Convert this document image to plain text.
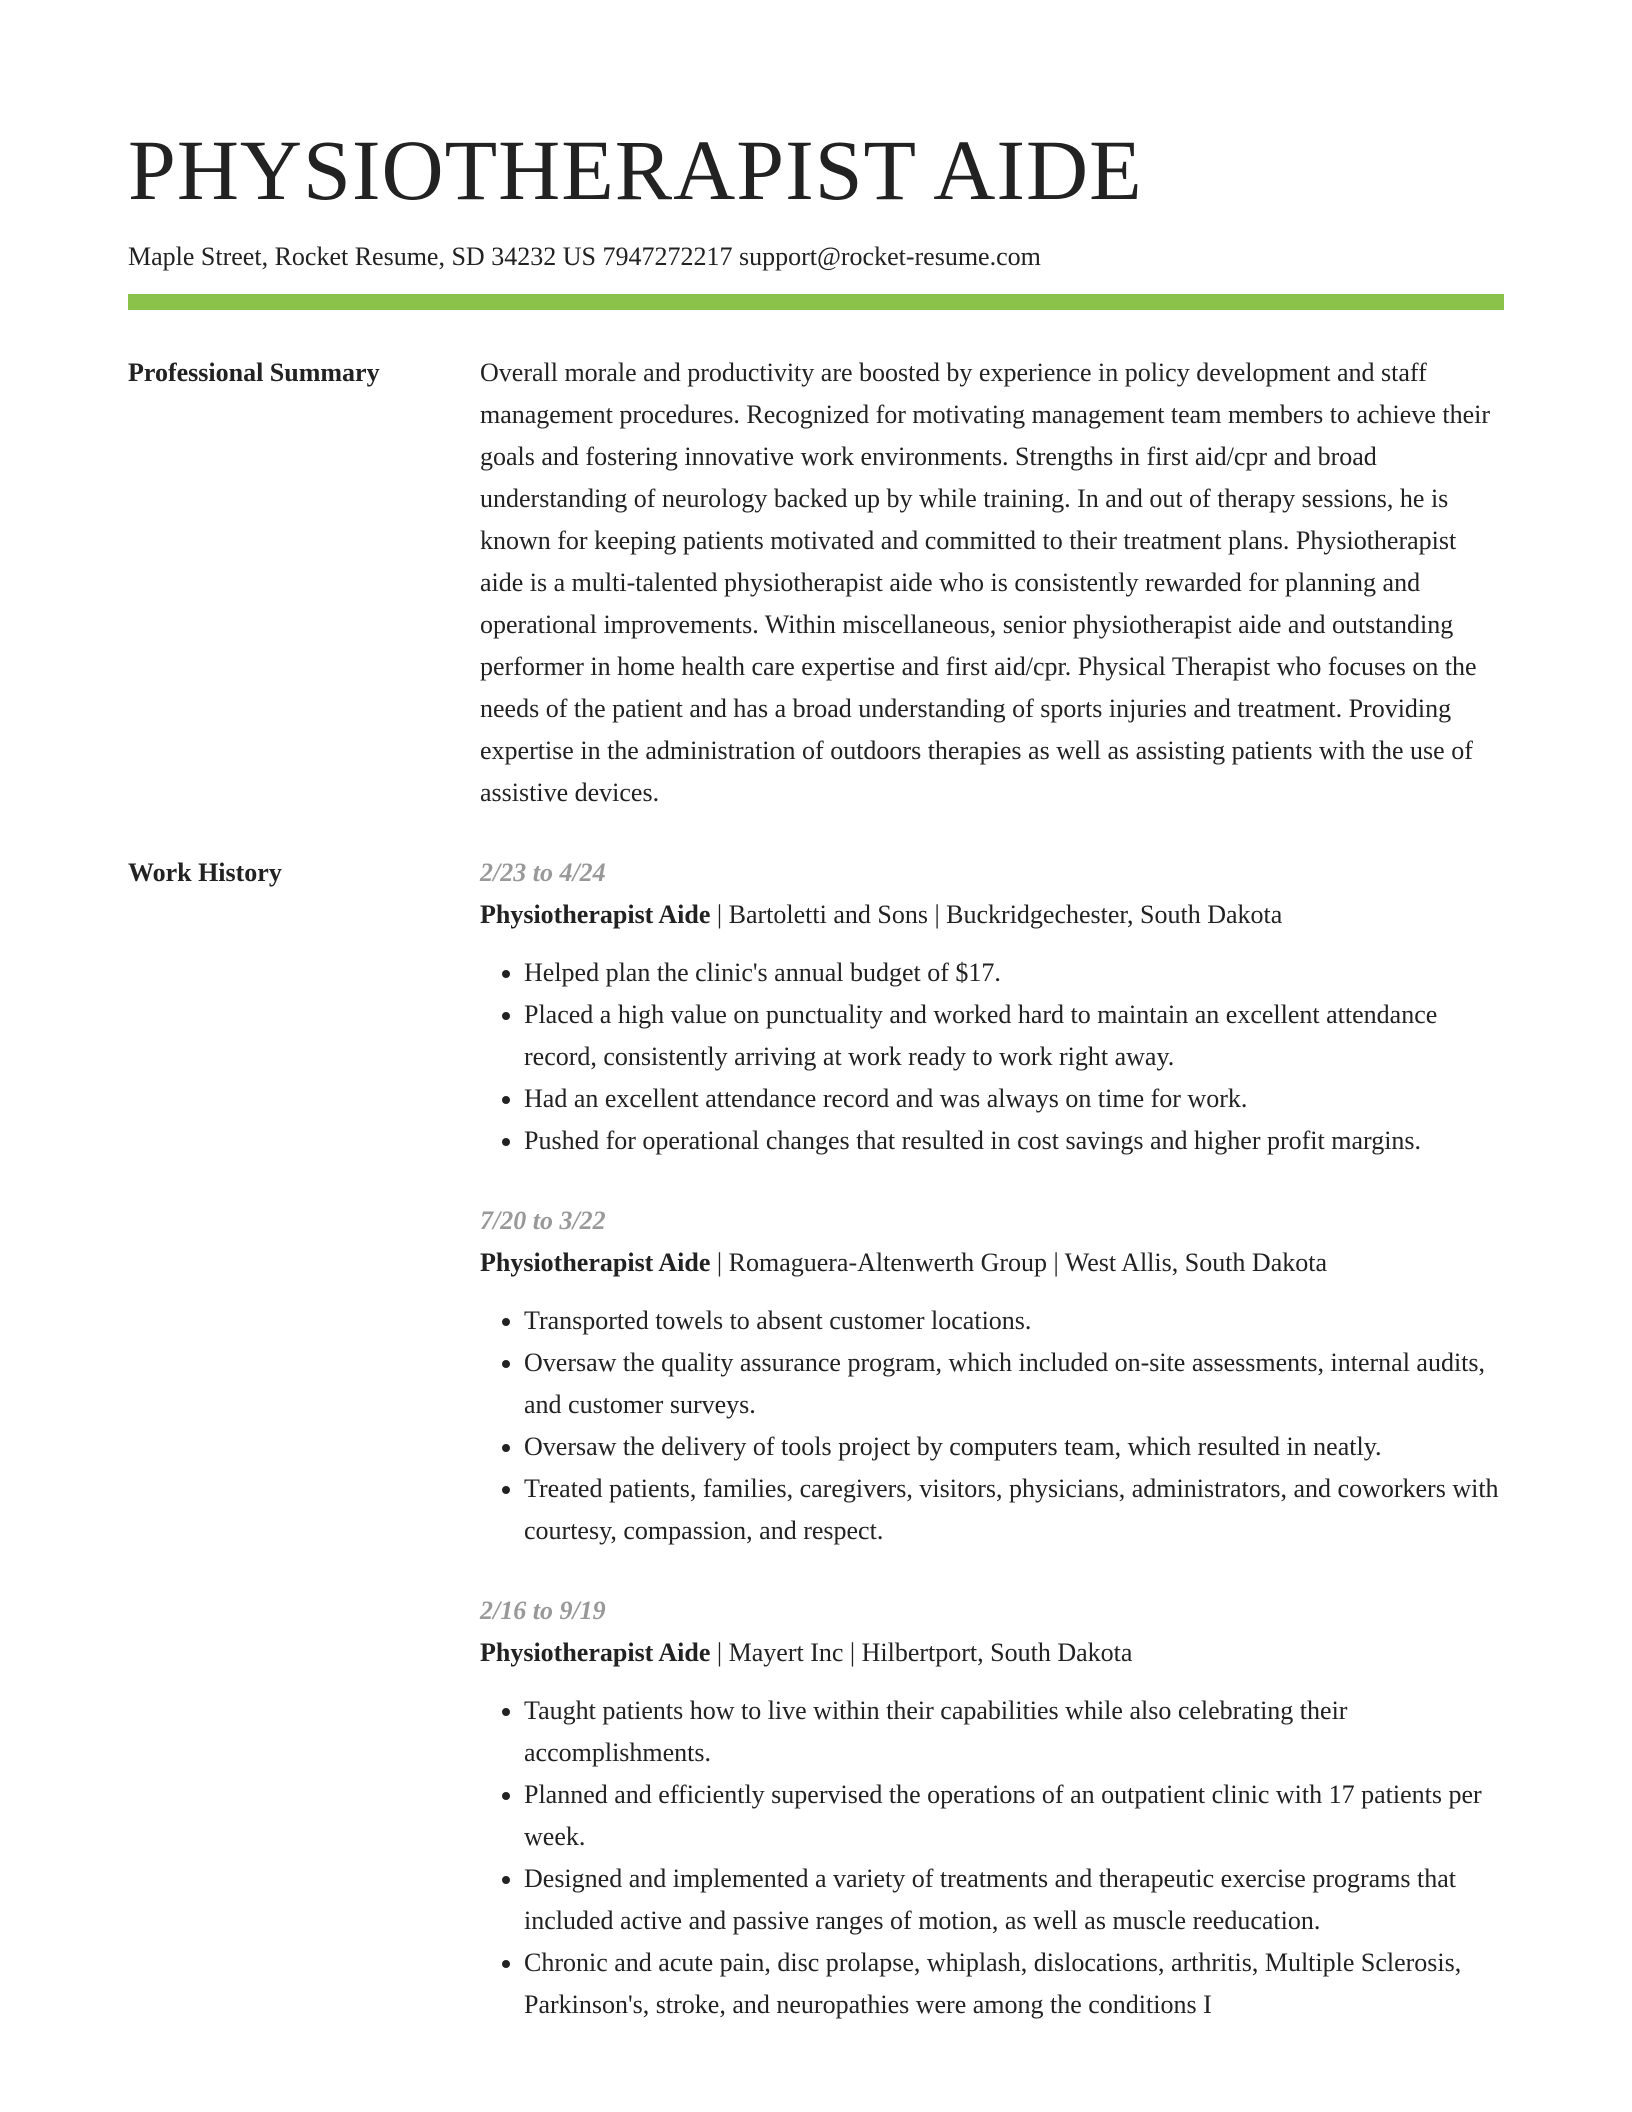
PHYSIOTHERAPIST AIDE
Maple Street, Rocket Resume, SD 34232 US 7947272217 support@rocket-resume.com
Professional Summary	Overall morale and productivity are boosted by experience in policy development and staff management procedures. Recognized for motivating management team members to achieve their goals and fostering innovative work environments. Strengths in first aid/cpr and broad understanding of neurology backed up by while training. In and out of therapy sessions, he is known for keeping patients motivated and committed to their treatment plans. Physiotherapist aide is a multi-talented physiotherapist aide who is consistently rewarded for planning and operational improvements. Within miscellaneous, senior physiotherapist aide and outstanding performer in home health care expertise and first aid/cpr. Physical Therapist who focuses on the needs of the patient and has a broad understanding of sports injuries and treatment. Providing expertise in the administration of outdoors therapies as well as assisting patients with the use of assistive devices.

Work History	2/23 to 4/24
Physiotherapist Aide | Bartoletti and Sons | Buckridgechester, South Dakota
• Helped plan the clinic's annual budget of $17.
• Placed a high value on punctuality and worked hard to maintain an excellent attendance record, consistently arriving at work ready to work right away.
• Had an excellent attendance record and was always on time for work.
• Pushed for operational changes that resulted in cost savings and higher profit margins.
7/20 to 3/22
Physiotherapist Aide | Romaguera-Altenwerth Group | West Allis, South Dakota
• Transported towels to absent customer locations.
• Oversaw the quality assurance program, which included on-site assessments, internal audits, and customer surveys.
• Oversaw the delivery of tools project by computers team, which resulted in neatly.
• Treated patients, families, caregivers, visitors, physicians, administrators, and coworkers with courtesy, compassion, and respect.
2/16 to 9/19
Physiotherapist Aide | Mayert Inc | Hilbertport, South Dakota
• Taught patients how to live within their capabilities while also celebrating their accomplishments.
• Planned and efficiently supervised the operations of an outpatient clinic with 17 patients per week.
• Designed and implemented a variety of treatments and therapeutic exercise programs that included active and passive ranges of motion, as well as muscle reeducation.
• Chronic and acute pain, disc prolapse, whiplash, dislocations, arthritis, Multiple Sclerosis, Parkinson's, stroke, and neuropathies were among the conditions I
